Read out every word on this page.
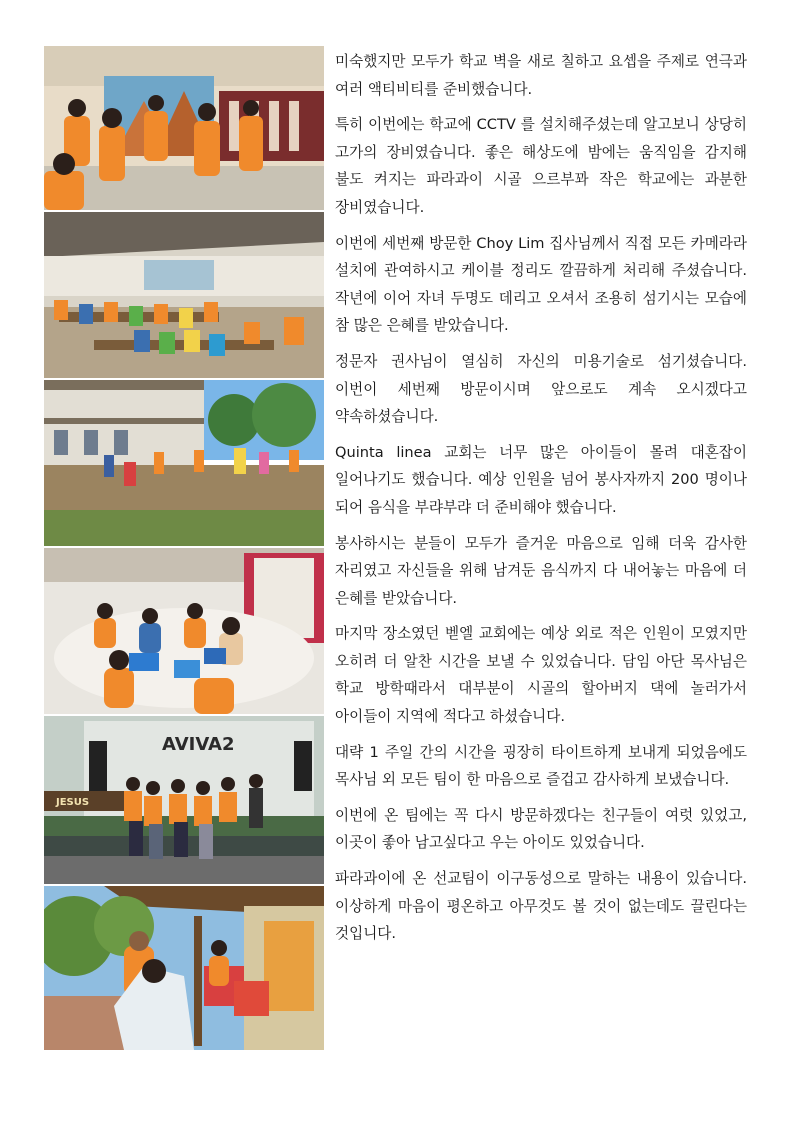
AVIVA2
JESUS

미숙했지만 모두가 학교 벽을 새로 칠하고 요셉을 주제로 연극과 여러 액티비티를 준비했습니다.

특히 이번에는 학교에 CCTV 를 설치해주셨는데 알고보니 상당히 고가의 장비였습니다. 좋은 해상도에 밤에는 움직임을 감지해 불도 켜지는 파라과이 시골 으르부꽈 작은 학교에는 과분한 장비였습니다.

이번에 세번째 방문한 Choy Lim 집사님께서 직접 모든 카메라라 설치에 관여하시고 케이블 정리도 깔끔하게 처리해 주셨습니다. 작년에 이어 자녀 두명도 데리고 오셔서 조용히 섬기시는 모습에 참 많은 은혜를 받았습니다.

정문자 권사님이 열심히 자신의 미용기술로 섬기셨습니다. 이번이 세번째 방문이시며 앞으로도 계속 오시겠다고 약속하셨습니다.

Quinta linea 교회는 너무 많은 아이들이 몰려 대혼잡이 일어나기도 했습니다. 예상 인원을 넘어 봉사자까지 200 명이나 되어 음식을 부랴부랴 더 준비해야 했습니다.

봉사하시는 분들이 모두가 즐거운 마음으로 임해 더욱 감사한 자리였고 자신들을 위해 남겨둔 음식까지 다 내어놓는 마음에 더 은혜를 받았습니다.

마지막 장소였던 벧엘 교회에는 예상 외로 적은 인원이 모였지만 오히려 더 알찬 시간을 보낼 수 있었습니다. 담임 아단 목사님은 학교 방학때라서 대부분이 시골의 할아버지 댁에 놀러가서 아이들이 지역에 적다고 하셨습니다.

대략 1 주일 간의 시간을 굉장히 타이트하게 보내게 되었음에도 목사님 외 모든 팀이 한 마음으로 즐겁고 감사하게 보냈습니다.

이번에 온 팀에는 꼭 다시 방문하겠다는 친구들이 여럿 있었고, 이곳이 좋아 남고싶다고 우는 아이도 있었습니다.

파라과이에 온 선교팀이 이구동성으로 말하는 내용이 있습니다. 이상하게 마음이 평온하고 아무것도 볼 것이 없는데도 끌린다는 것입니다.
